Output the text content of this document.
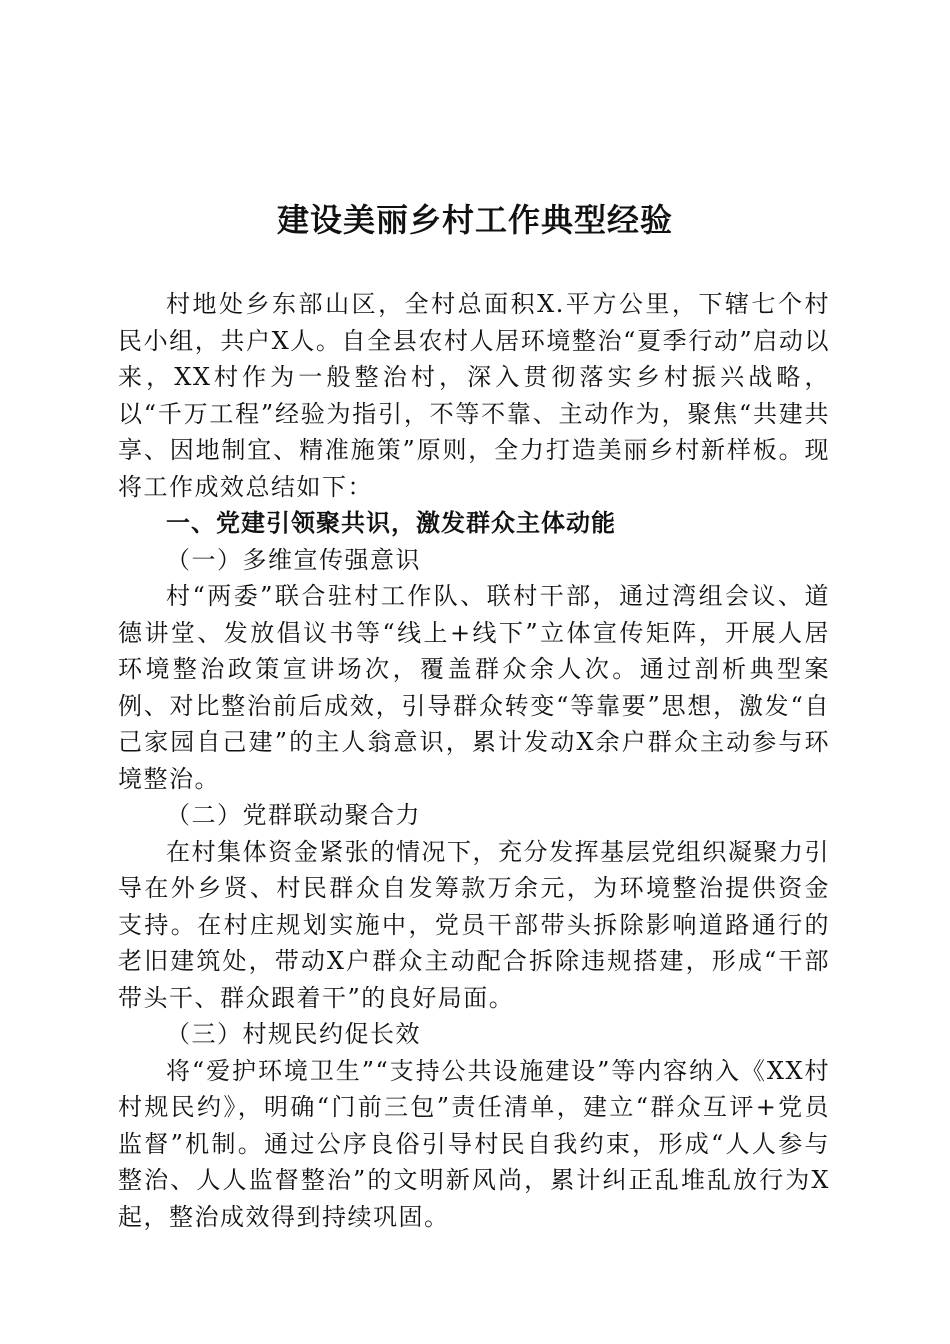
建设美丽乡村工作典型经验

村地处乡东部山区，全村总面积X.平方公里，下辖七个村民小组，共户X人。自全县农村人居环境整治“夏季行动”启动以来，XX村作为一般整治村，深入贯彻落实乡村振兴战略，以“千万工程”经验为指引，不等不靠、主动作为，聚焦“共建共享、因地制宜、精准施策”原则，全力打造美丽乡村新样板。现将工作成效总结如下：

一、党建引领聚共识，激发群众主体动能

（一）多维宣传强意识

村“两委”联合驻村工作队、联村干部，通过湾组会议、道德讲堂、发放倡议书等“线上+线下”立体宣传矩阵，开展人居环境整治政策宣讲场次，覆盖群众余人次。通过剖析典型案例、对比整治前后成效，引导群众转变“等靠要”思想，激发“自己家园自己建”的主人翁意识，累计发动X余户群众主动参与环境整治。

（二）党群联动聚合力

在村集体资金紧张的情况下，充分发挥基层党组织凝聚力引导在外乡贤、村民群众自发筹款万余元，为环境整治提供资金支持。在村庄规划实施中，党员干部带头拆除影响道路通行的老旧建筑处，带动X户群众主动配合拆除违规搭建，形成“干部带头干、群众跟着干”的良好局面。

（三）村规民约促长效

将“爱护环境卫生”“支持公共设施建设”等内容纳入《XX村村规民约》，明确“门前三包”责任清单，建立“群众互评+党员监督”机制。通过公序良俗引导村民自我约束，形成“人人参与整治、人人监督整治”的文明新风尚，累计纠正乱堆乱放行为X起，整治成效得到持续巩固。
